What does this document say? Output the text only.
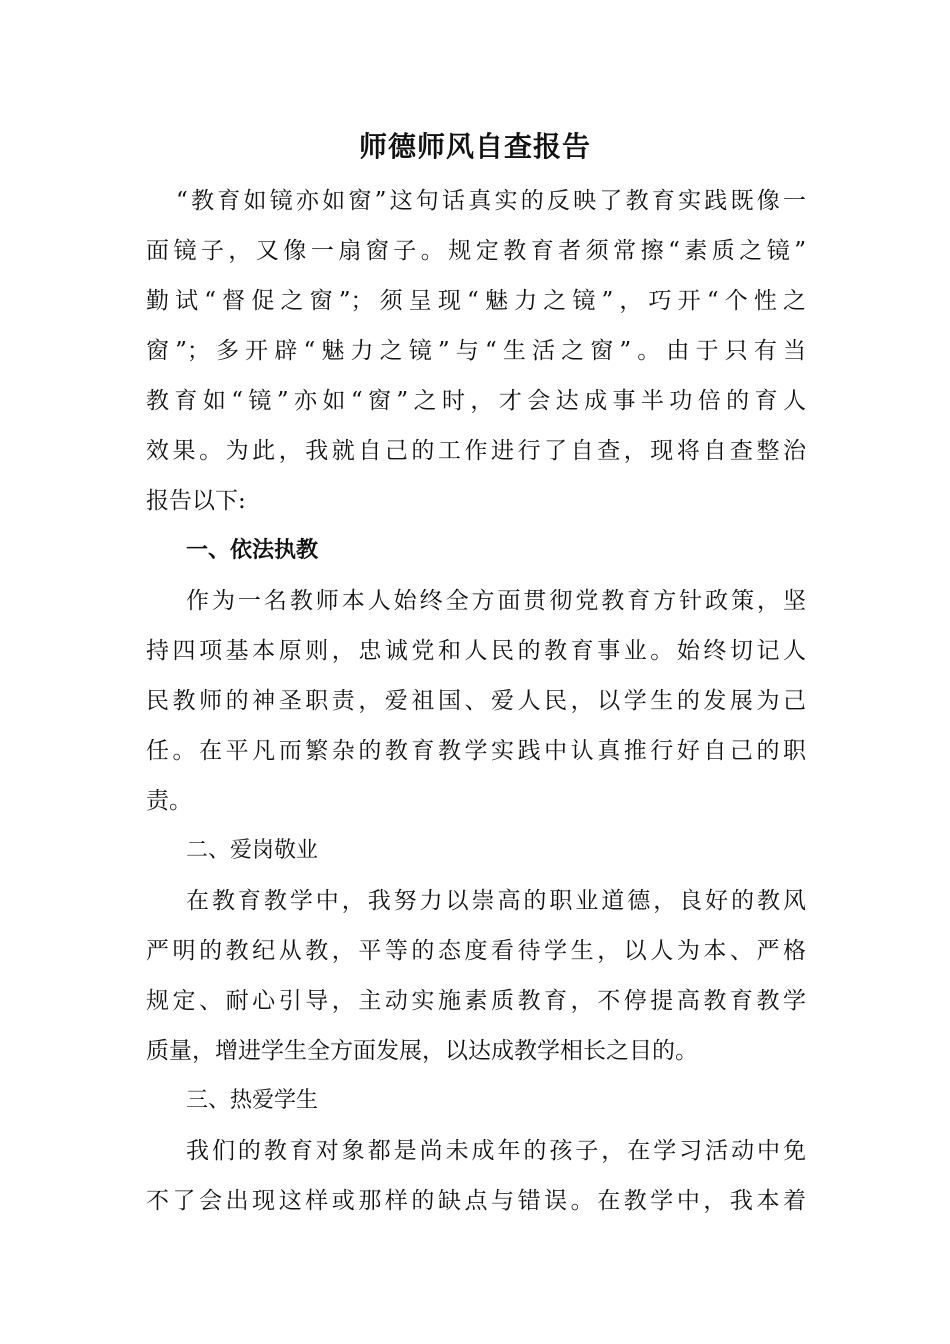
师德师风自查报告
“教育如镜亦如窗”这句话真实的反映了教育实践既像一
面镜子，又像一扇窗子。规定教育者须常擦“素质之镜”
勤试“督促之窗”；须呈现“魅力之镜”，巧开“个性之
窗”；多开辟“魅力之镜”与“生活之窗”。由于只有当
教育如“镜”亦如“窗”之时，才会达成事半功倍的育人
效果。为此，我就自己的工作进行了自查，现将自查整治
报告以下:
一、依法执教
作为一名教师本人始终全方面贯彻党教育方针政策，坚
持四项基本原则，忠诚党和人民的教育事业。始终切记人
民教师的神圣职责，爱祖国、爱人民，以学生的发展为己
任。在平凡而繁杂的教育教学实践中认真推行好自己的职
责。
二、爱岗敬业
在教育教学中，我努力以崇高的职业道德，良好的教风
严明的教纪从教，平等的态度看待学生，以人为本、严格
规定、耐心引导，主动实施素质教育，不停提高教育教学
质量，增进学生全方面发展，以达成教学相长之目的。
三、热爱学生
我们的教育对象都是尚未成年的孩子，在学习活动中免
不了会出现这样或那样的缺点与错误。在教学中，我本着
